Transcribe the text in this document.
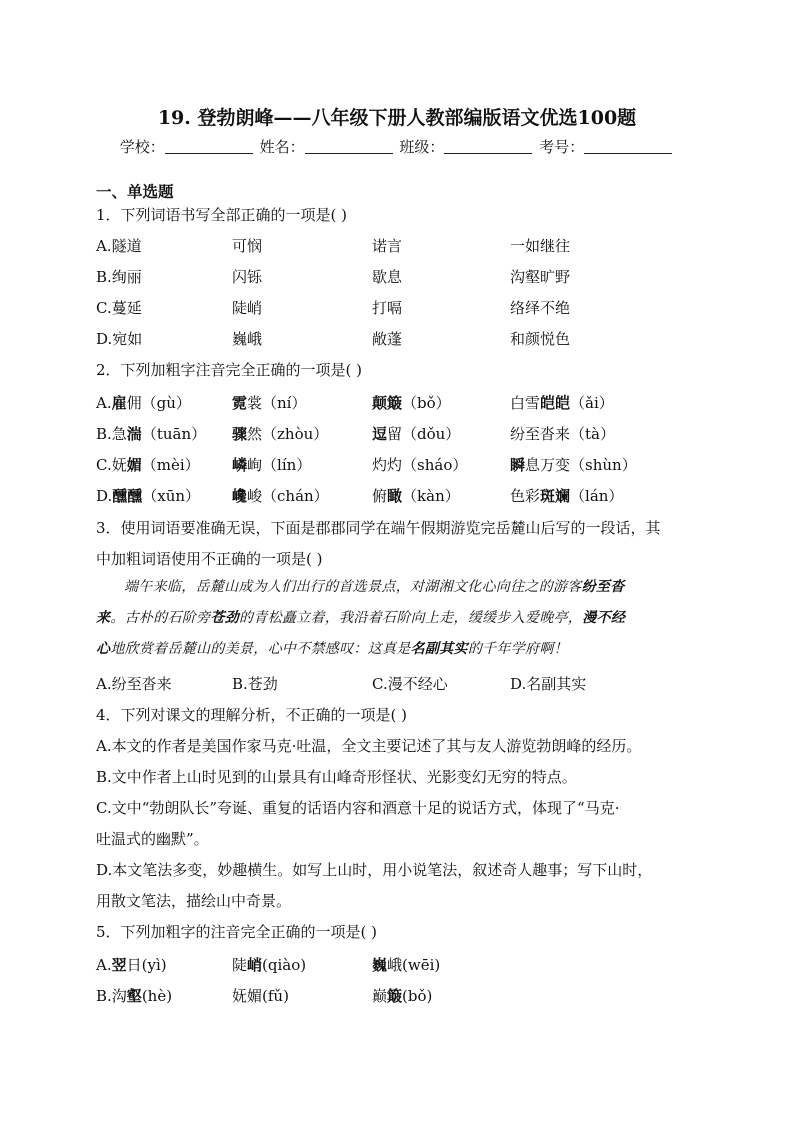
19. 登勃朗峰——八年级下册人教部编版语文优选100题
学校：	姓名：	班级：	考号：
一、单选题
1．下列词语书写全部正确的一项是( )
A.隧道	可悯	诺言	一如继往
B.绚丽	闪铄	歇息	沟壑旷野
C.蔓延	陡峭	打嗝	络绎不绝
D.宛如	巍峨	敞蓬	和颜悦色
2．下列加粗字注音完全正确的一项是( )
A.雇佣（gù）	霓裳（ní）	颠簸（bǒ）	白雪皑皑（ǎi）
B.急湍（tuān） 骤然（zhòu）	逗留（dǒu）	纷至沓来（tà）
C.妩媚（mèi） 嶙峋（lín）	灼灼（sháo）	瞬息万变（shùn）
D.醺醺（xūn） 巉峻（chán）	俯瞰（kàn）	色彩斑斓（lán）
3．使用词语要准确无误，下面是郡郡同学在端午假期游览完岳麓山后写的一段话，其
中加粗词语使用不正确的一项是( )

端午来临，岳麓山成为人们出行的首选景点，对湖湘文化心向往之的游客纷至沓

来。古朴的石阶旁苍劲的青松矗立着，我沿着石阶向上走，缓缓步入爱晚亭，漫不经

心地欣赏着岳麓山的美景，心中不禁感叹：这真是名副其实的千年学府啊！

A.纷至沓来	B.苍劲	C.漫不经心	D.名副其实
4．下列对课文的理解分析，不正确的一项是( )
A.本文的作者是美国作家马克·吐温，全文主要记述了其与友人游览勃朗峰的经历。
B.文中作者上山时见到的山景具有山峰奇形怪状、光影变幻无穷的特点。
C.文中“勃朗队长”夸诞、重复的话语内容和酒意十足的说话方式，体现了“马克·
吐温式的幽默”。
D.本文笔法多变，妙趣横生。如写上山时，用小说笔法，叙述奇人趣事；写下山时，
用散文笔法，描绘山中奇景。
5．下列加粗字的注音完全正确的一项是( )
A.翌日(yì)	陡峭(qiào)	巍峨(wēi)
B.沟壑(hè)	妩媚(fǔ)	巅簸(bǒ)
